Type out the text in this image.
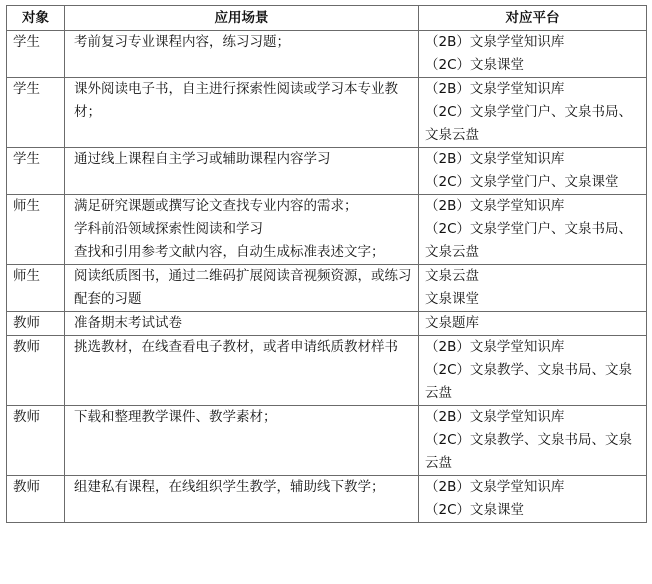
对象	应用场景	对应平台
学生	考前复习专业课程内容，练习习题；	（2B）文泉学堂知识库
（2C）文泉课堂

学生	课外阅读电子书，自主进行探索性阅读或学习本专业教材；	（2B）文泉学堂知识库
（2C）文泉学堂门户、文泉书局、文泉云盘

学生	通过线上课程自主学习或辅助课程内容学习	（2B）文泉学堂知识库
（2C）文泉学堂门户、文泉课堂

师生	满足研究课题或撰写论文查找专业内容的需求；
学科前沿领域探索性阅读和学习
查找和引用参考文献内容，自动生成标准表述文字；	（2B）文泉学堂知识库
（2C）文泉学堂门户、文泉书局、文泉云盘

师生	阅读纸质图书，通过二维码扩展阅读音视频资源，或练习配套的习题	文泉云盘
文泉课堂

教师	准备期末考试试卷	文泉题库

教师	挑选教材，在线查看电子教材，或者申请纸质教材样书	（2B）文泉学堂知识库
（2C）文泉教学、文泉书局、文泉云盘

教师	下载和整理教学课件、教学素材；	（2B）文泉学堂知识库
（2C）文泉教学、文泉书局、文泉云盘

教师	组建私有课程，在线组织学生教学，辅助线下教学；	（2B）文泉学堂知识库
（2C）文泉课堂
